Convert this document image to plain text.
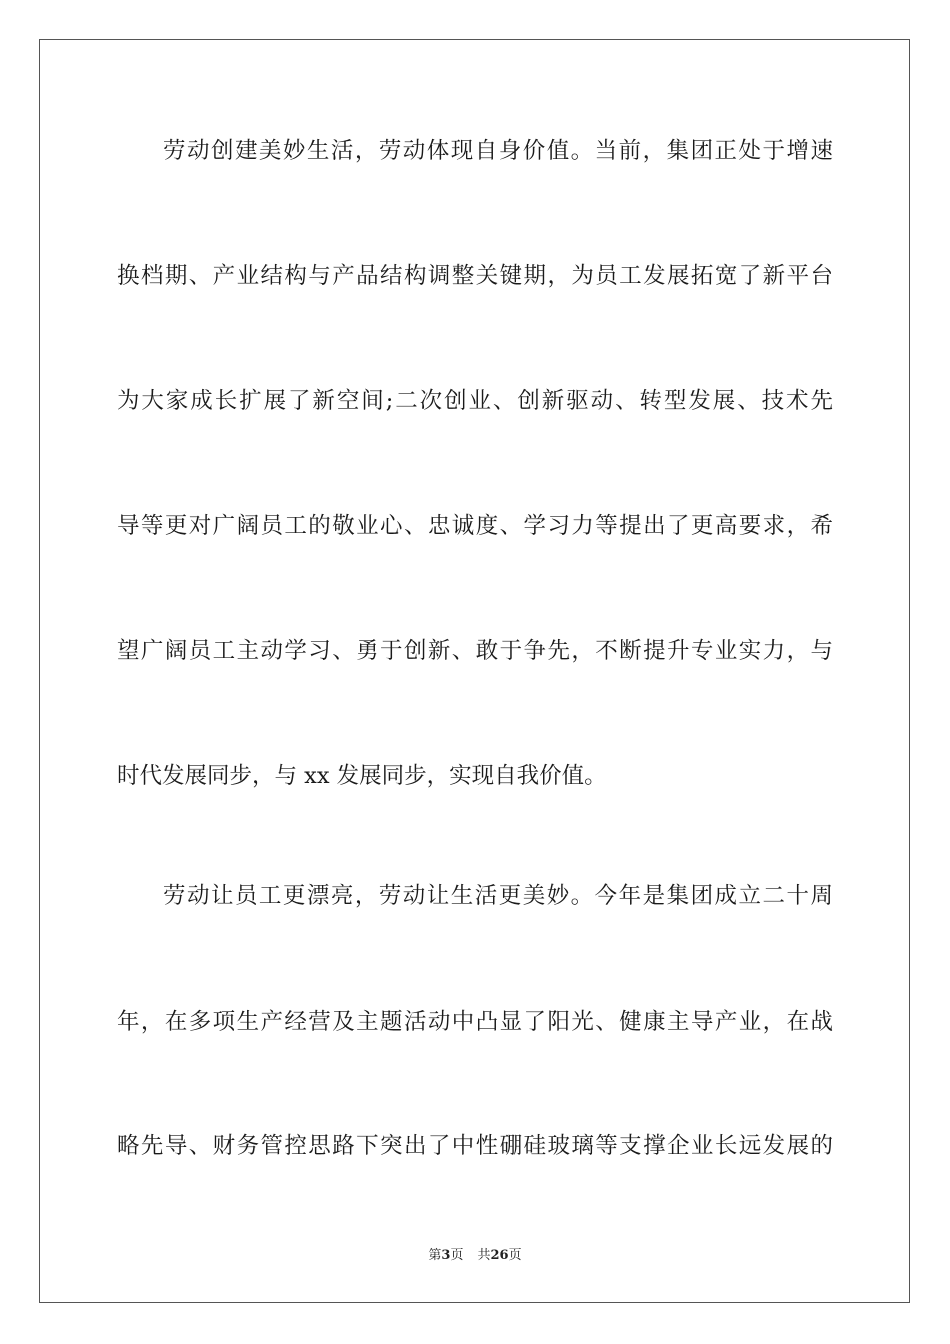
劳动创建美妙生活，劳动体现自身价值。当前，集团正处于增速
换档期、产业结构与产品结构调整关键期，为员工发展拓宽了新平台
为大家成长扩展了新空间;二次创业、创新驱动、转型发展、技术先
导等更对广阔员工的敬业心、忠诚度、学习力等提出了更高要求，希
望广阔员工主动学习、勇于创新、敢于争先，不断提升专业实力，与
时代发展同步，与 xx 发展同步，实现自我价值。
劳动让员工更漂亮，劳动让生活更美妙。今年是集团成立二十周
年，在多项生产经营及主题活动中凸显了阳光、健康主导产业，在战
略先导、财务管控思路下突出了中性硼硅玻璃等支撑企业长远发展的
第3页 共26页
